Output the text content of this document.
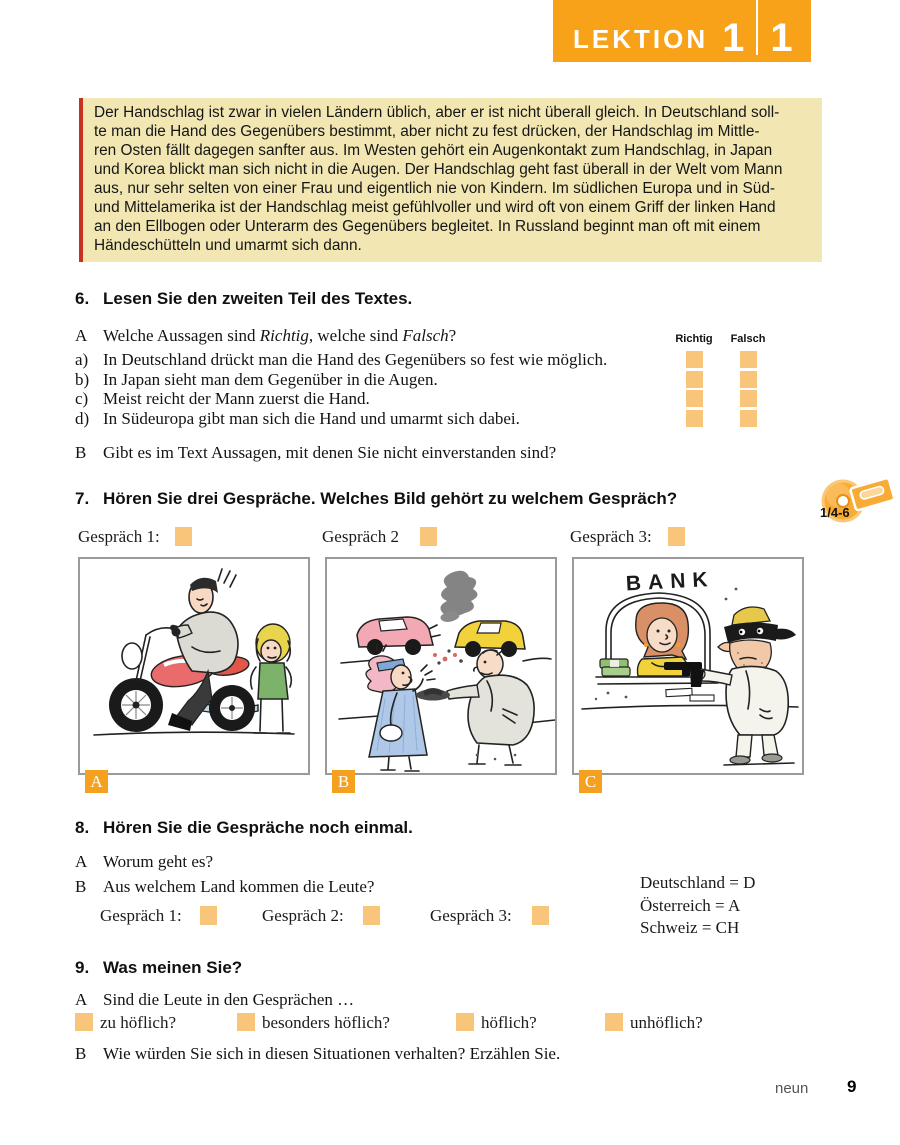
LEKTION 1 1
Der Handschlag ist zwar in vielen Ländern üblich, aber er ist nicht überall gleich. In Deutschland soll-
te man die Hand des Gegenübers bestimmt, aber nicht zu fest drücken, der Handschlag im Mittle-
ren Osten fällt dagegen sanfter aus. Im Westen gehört ein Augenkontakt zum Handschlag, in Japan
und Korea blickt man sich nicht in die Augen. Der Handschlag geht fast überall in der Welt vom Mann
aus, nur sehr selten von einer Frau und eigentlich nie von Kindern. Im südlichen Europa und in Süd-
und Mittelamerika ist der Handschlag meist gefühlvoller und wird oft von einem Griff der linken Hand
an den Ellbogen oder Unterarm des Gegenübers begleitet. In Russland beginnt man oft mit einem
Händeschütteln und umarmt sich dann.
6. Lesen Sie den zweiten Teil des Textes.
A Welche Aussagen sind Richtig, welche sind Falsch?	Richtig	Falsch
a) In Deutschland drückt man die Hand des Gegenübers so fest wie möglich.
b) In Japan sieht man dem Gegenüber in die Augen.
c) Meist reicht der Mann zuerst die Hand.
d) In Südeuropa gibt man sich die Hand und umarmt sich dabei.
B Gibt es im Text Aussagen, mit denen Sie nicht einverstanden sind?
7. Hören Sie drei Gespräche. Welches Bild gehört zu welchem Gespräch?
1/4-6
Gespräch 1:	Gespräch 2	Gespräch 3:
BANK
A	B	C
8. Hören Sie die Gespräche noch einmal.
A Worum geht es?
B Aus welchem Land kommen die Leute?	Deutschland = D
Österreich = A
Schweiz = CH
Gespräch 1:	Gespräch 2:	Gespräch 3:
9. Was meinen Sie?
A Sind die Leute in den Gesprächen …
zu höflich?	besonders höflich?	höflich?	unhöflich?
B Wie würden Sie sich in diesen Situationen verhalten? Erzählen Sie.
neun 9
